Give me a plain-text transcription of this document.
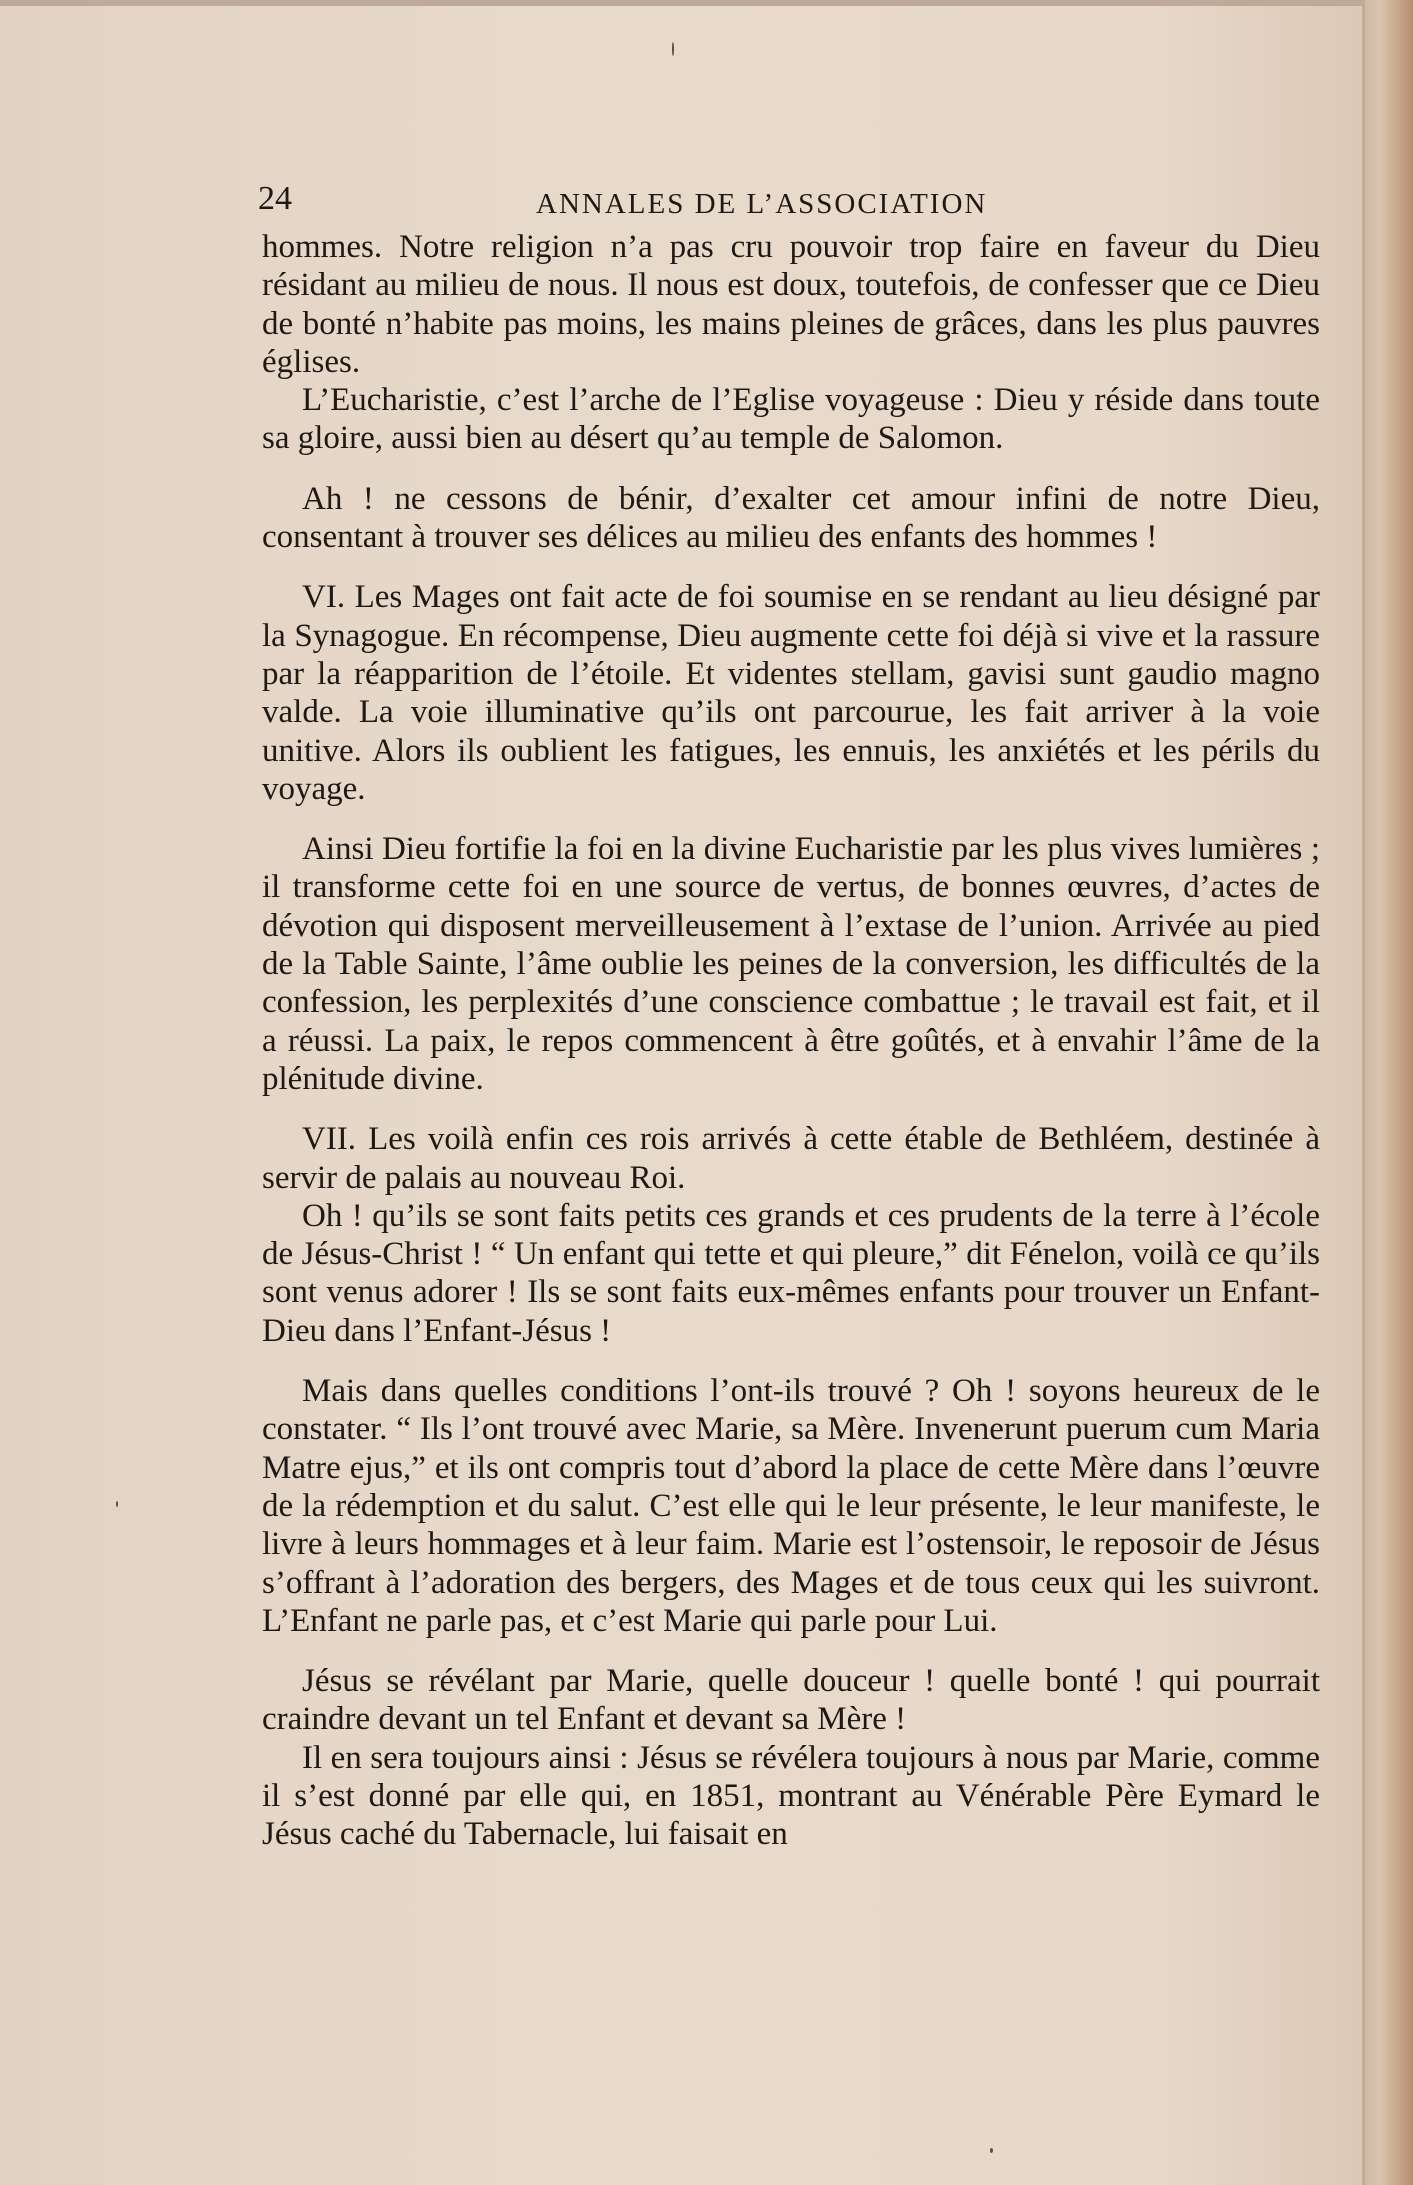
24	ANNALES DE L’ASSOCIATION

hommes. Notre religion n’a pas cru pouvoir trop faire en faveur du Dieu résidant au milieu de nous. Il nous est doux, toutefois, de confesser que ce Dieu de bonté n’habite pas moins, les mains pleines de grâces, dans les plus pauvres églises.

L’Eucharistie, c’est l’arche de l’Eglise voyageuse : Dieu y réside dans toute sa gloire, aussi bien au désert qu’au temple de Salomon.

Ah ! ne cessons de bénir, d’exalter cet amour infini de notre Dieu, consentant à trouver ses délices au milieu des enfants des hommes !

VI. Les Mages ont fait acte de foi soumise en se rendant au lieu désigné par la Synagogue. En récompense, Dieu augmente cette foi déjà si vive et la rassure par la réapparition de l’étoile. Et videntes stellam, gavisi sunt gaudio magno valde. La voie illuminative qu’ils ont parcourue, les fait arriver à la voie unitive. Alors ils oublient les fatigues, les ennuis, les anxiétés et les périls du voyage.

Ainsi Dieu fortifie la foi en la divine Eucharistie par les plus vives lumières ; il transforme cette foi en une source de vertus, de bonnes œuvres, d’actes de dévotion qui disposent merveilleusement à l’extase de l’union. Arrivée au pied de la Table Sainte, l’âme oublie les peines de la conversion, les difficultés de la confession, les perplexités d’une conscience combattue ; le travail est fait, et il a réussi. La paix, le repos commencent à être goûtés, et à envahir l’âme de la plénitude divine.

VII. Les voilà enfin ces rois arrivés à cette étable de Bethléem, destinée à servir de palais au nouveau Roi.

Oh ! qu’ils se sont faits petits ces grands et ces prudents de la terre à l’école de Jésus-Christ ! “ Un enfant qui tette et qui pleure,” dit Fénelon, voilà ce qu’ils sont venus adorer ! Ils se sont faits eux-mêmes enfants pour trouver un Enfant-Dieu dans l’Enfant-Jésus !

Mais dans quelles conditions l’ont-ils trouvé ? Oh ! soyons heureux de le constater. “ Ils l’ont trouvé avec Marie, sa Mère. Invenerunt puerum cum Maria Matre ejus,” et ils ont compris tout d’abord la place de cette Mère dans l’œuvre de la rédemption et du salut. C’est elle qui le leur présente, le leur manifeste, le livre à leurs hommages et à leur faim. Marie est l’ostensoir, le reposoir de Jésus s’offrant à l’adoration des bergers, des Mages et de tous ceux qui les suivront. L’Enfant ne parle pas, et c’est Marie qui parle pour Lui.

Jésus se révélant par Marie, quelle douceur ! quelle bonté ! qui pourrait craindre devant un tel Enfant et devant sa Mère !

Il en sera toujours ainsi : Jésus se révélera toujours à nous par Marie, comme il s’est donné par elle qui, en 1851, montrant au Vénérable Père Eymard le Jésus caché du Tabernacle, lui faisait en
